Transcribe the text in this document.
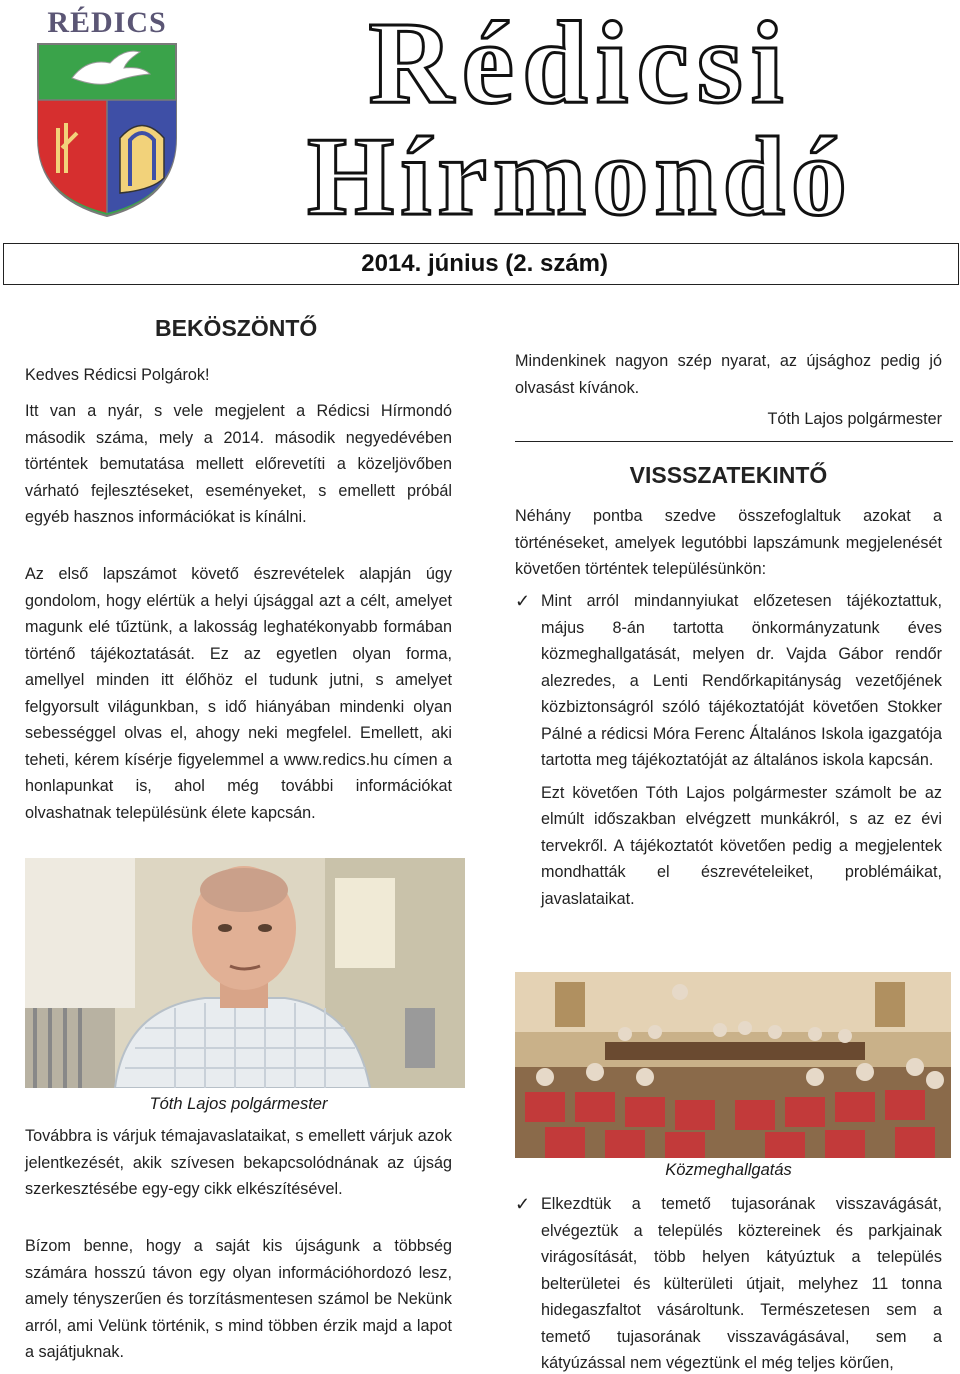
RÉDICS Rédicsi
Hírmondó
2014. június (2. szám)
BEKÖSZÖNTŐ
Kedves Rédicsi Polgárok!
Itt van a nyár, s vele megjelent a Rédicsi Hírmondó második száma, mely a 2014. második negyedévében történtek bemutatása mellett előrevetíti a közeljövőben várható fejlesztéseket, eseményeket, s emellett próbál egyéb hasznos információkat is kínálni.
Az első lapszámot követő észrevételek alapján úgy gondolom, hogy elértük a helyi újsággal azt a célt, amelyet magunk elé tűztünk, a lakosság leghatékonyabb formában történő tájékoztatását. Ez az egyetlen olyan forma, amellyel minden itt élőhöz el tudunk jutni, s amelyet felgyorsult világunkban, s idő hiányában mindenki olyan sebességgel olvas el, ahogy neki megfelel. Emellett, aki teheti, kérem kísérje figyelemmel a www.redics.hu címen a honlapunkat is, ahol még további információkat olvashatnak településünk élete kapcsán.
Tóth Lajos polgármester
Továbbra is várjuk témajavaslataikat, s emellett várjuk azok jelentkezését, akik szívesen bekapcsolódnának az újság szerkesztésébe egy-egy cikk elkészítésével.
Bízom benne, hogy a saját kis újságunk a többség számára hosszú távon egy olyan információhordozó lesz, amely tényszerűen és torzításmentesen számol be Nekünk arról, ami Velünk történik, s mind többen érzik majd a lapot a sajátjuknak.
Mindenkinek nagyon szép nyarat, az újsághoz pedig jó olvasást kívánok.
Tóth Lajos polgármester
VISSSZATEKINTŐ
Néhány pontba szedve összefoglaltuk azokat a történéseket, amelyek legutóbbi lapszámunk megjelenését követően történtek településünkön:
✓ Mint arról mindannyiukat előzetesen tájékoztattuk, május 8-án tartotta önkormányzatunk éves közmeghallgatását, melyen dr. Vajda Gábor rendőr alezredes, a Lenti Rendőrkapitányság vezetőjének közbiztonságról szóló tájékoztatóját követően Stokker Pálné a rédicsi Móra Ferenc Általános Iskola igazgatója tartotta meg tájékoztatóját az általános iskola kapcsán.
Ezt követően Tóth Lajos polgármester számolt be az elmúlt időszakban elvégzett munkákról, s az ez évi tervekről. A tájékoztatót követően pedig a megjelentek mondhatták el észrevételeiket, problémáikat, javaslataikat.
Közmeghallgatás
✓ Elkezdtük a temető tujasorának visszavágását, elvégeztük a település köztereinek és parkjainak virágosítását, több helyen kátyúztuk a település belterületei és külterületi útjait, melyhez 11 tonna hidegaszfaltot vásároltunk. Természetesen sem a temető tujasorának visszavágásával, sem a kátyúzással nem végeztünk el még teljes körűen,
